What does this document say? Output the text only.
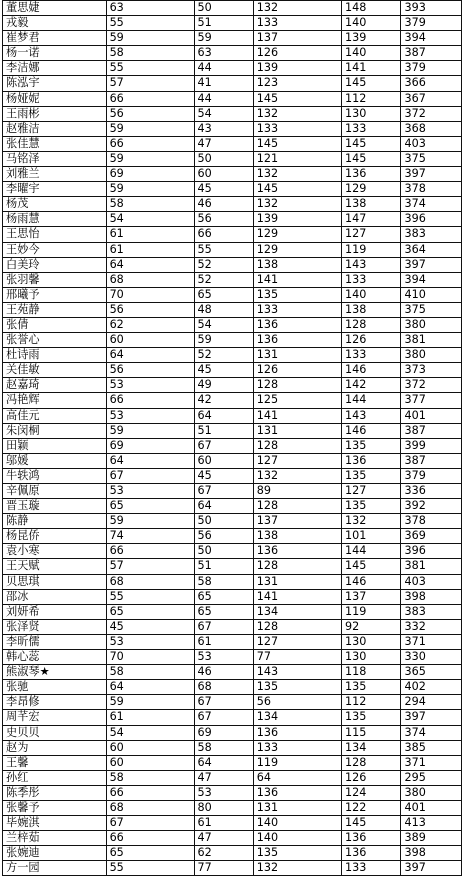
董思婕	63	50	132	148	393
戎毅	55	51	133	140	379
崔梦君	59	59	137	139	394
杨一诺	58	63	126	140	387
李洁娜	55	44	139	141	379
陈泓宇	57	41	123	145	366
杨娅妮	66	44	145	112	367
王雨彬	56	54	132	130	372
赵雅洁	59	43	133	133	368
张佳慧	66	47	145	145	403
马铭泽	59	50	121	145	375
刘雅兰	69	60	132	136	397
李曜宇	59	45	145	129	378
杨茂	58	46	132	138	374
杨雨慧	54	56	139	147	396
王思怡	61	66	129	127	383
王妙今	61	55	129	119	364
白美玲	64	52	138	143	397
张羽馨	68	52	141	133	394
邢曦予	70	65	135	140	410
王苑静	56	48	133	138	375
张倩	62	54	136	128	380
张誉心	60	59	136	126	381
杜诗雨	64	52	131	133	380
关佳敏	56	45	126	146	373
赵嘉琦	53	49	128	142	372
冯艳辉	66	42	125	144	377
高佳元	53	64	141	143	401
朱闵桐	59	51	131	146	387
田颖	69	67	128	135	399
邬媛	64	60	127	136	387
牛轶鸿	67	45	132	135	379
辛佩原	53	67	89	127	336
晋玉璇	65	64	128	135	392
陈静	59	50	137	132	378
杨昆侨	74	56	138	101	369
袁小寒	66	50	136	144	396
王天赋	57	51	128	145	381
贝思琪	68	58	131	146	403
邵冰	55	65	141	137	398
刘妍希	65	65	134	119	383
张泽贤	45	67	128	92	332
李昕儒	53	61	127	130	371
韩心蕊	70	53	77	130	330
熊淑琴★	58	46	143	118	365
张驰	64	68	135	135	402
李昂修	59	67	56	112	294
周芊宏	61	67	134	135	397
史贝贝	54	69	136	115	374
赵为	60	58	133	134	385
王馨	60	64	119	128	371
孙红	58	47	64	126	295
陈季彤	66	53	136	124	380
张馨予	68	80	131	122	401
毕婉淇	67	61	140	145	413
兰梓茹	66	47	140	136	389
张婉迪	65	62	135	136	398
方一园	55	77	132	133	397
